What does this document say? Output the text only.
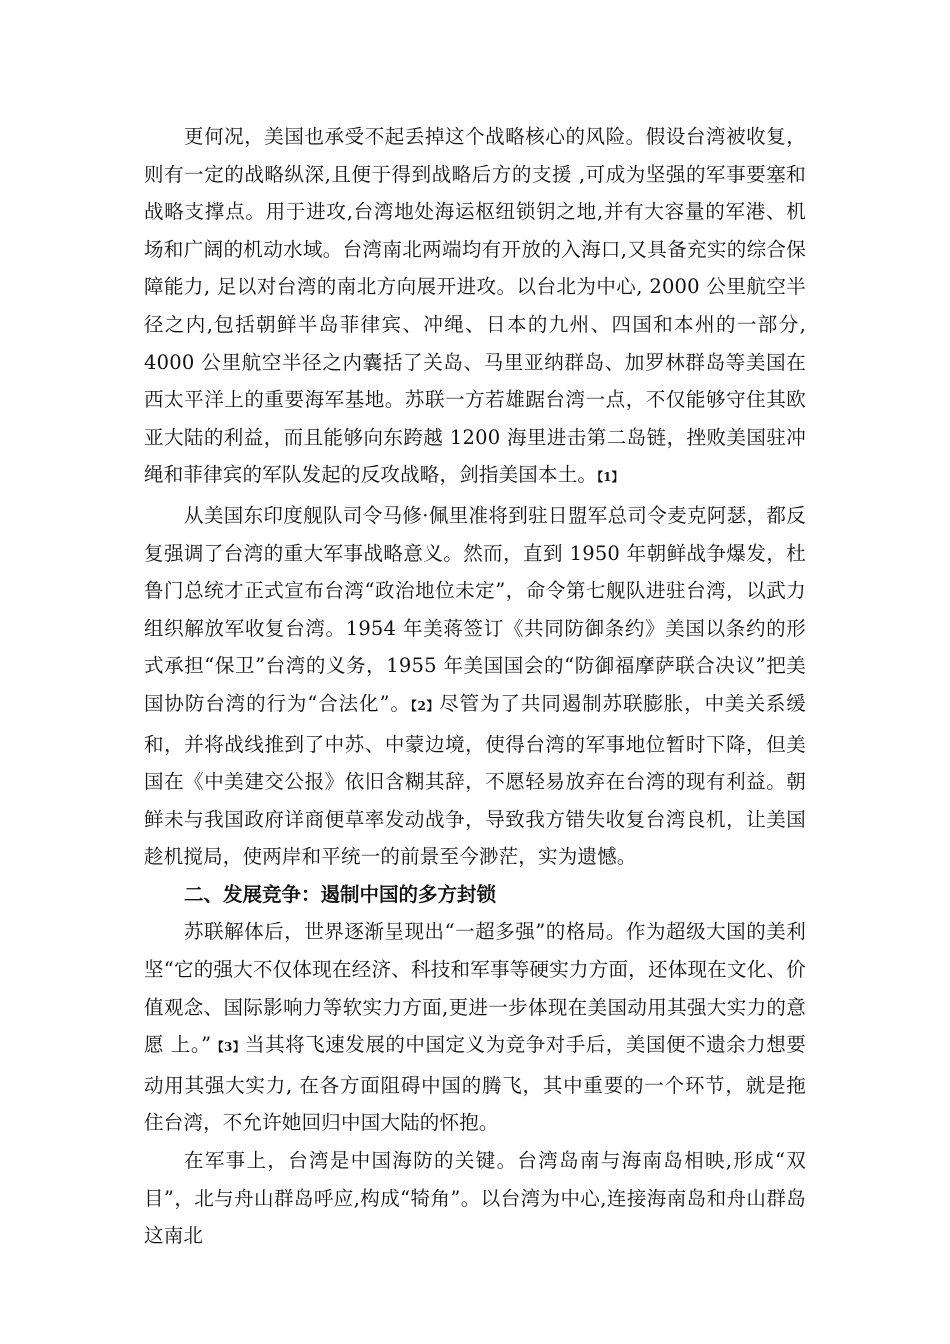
更何况，美国也承受不起丢掉这个战略核心的风险。假设台湾被收复，则有一定的战略纵深,且便于得到战略后方的支援 ,可成为坚强的军事要塞和战略支撑点。用于进攻,台湾地处海运枢纽锁钥之地,并有大容量的军港、机场和广阔的机动水域。台湾南北两端均有开放的入海口,又具备充实的综合保障能力, 足以对台湾的南北方向展开进攻。以台北为中心, 2000 公里航空半径之内,包括朝鲜半岛菲律宾、冲绳、日本的九州、四国和本州的一部分, 4000 公里航空半径之内囊括了关岛、马里亚纳群岛、加罗林群岛等美国在西太平洋上的重要海军基地。苏联一方若雄踞台湾一点，不仅能够守住其欧亚大陆的利益，而且能够向东跨越 1200 海里进击第二岛链，挫败美国驻冲绳和菲律宾的军队发起的反攻战略，剑指美国本土。【1】

从美国东印度舰队司令马修·佩里准将到驻日盟军总司令麦克阿瑟，都反复强调了台湾的重大军事战略意义。然而，直到 1950 年朝鲜战争爆发，杜鲁门总统才正式宣布台湾“政治地位未定”，命令第七舰队进驻台湾，以武力组织解放军收复台湾。1954 年美蒋签订《共同防御条约》美国以条约的形式承担“保卫”台湾的义务，1955 年美国国会的“防御福摩萨联合决议”把美国协防台湾的行为“合法化”。【2】尽管为了共同遏制苏联膨胀，中美关系缓和，并将战线推到了中苏、中蒙边境，使得台湾的军事地位暂时下降，但美国在《中美建交公报》依旧含糊其辞，不愿轻易放弃在台湾的现有利益。朝鲜未与我国政府详商便草率发动战争，导致我方错失收复台湾良机，让美国趁机搅局，使两岸和平统一的前景至今渺茫，实为遗憾。

二、发展竞争：遏制中国的多方封锁

苏联解体后，世界逐渐呈现出“一超多强”的格局。作为超级大国的美利坚“它的强大不仅体现在经济、科技和军事等硬实力方面，还体现在文化、价值观念、国际影响力等软实力方面,更进一步体现在美国动用其强大实力的意愿 上。”【3】当其将飞速发展的中国定义为竞争对手后，美国便不遗余力想要动用其强大实力, 在各方面阻碍中国的腾飞，其中重要的一个环节，就是拖住台湾，不允许她回归中国大陆的怀抱。

在军事上，台湾是中国海防的关键。台湾岛南与海南岛相映,形成“双目”，北与舟山群岛呼应,构成“犄角”。以台湾为中心,连接海南岛和舟山群岛这南北
